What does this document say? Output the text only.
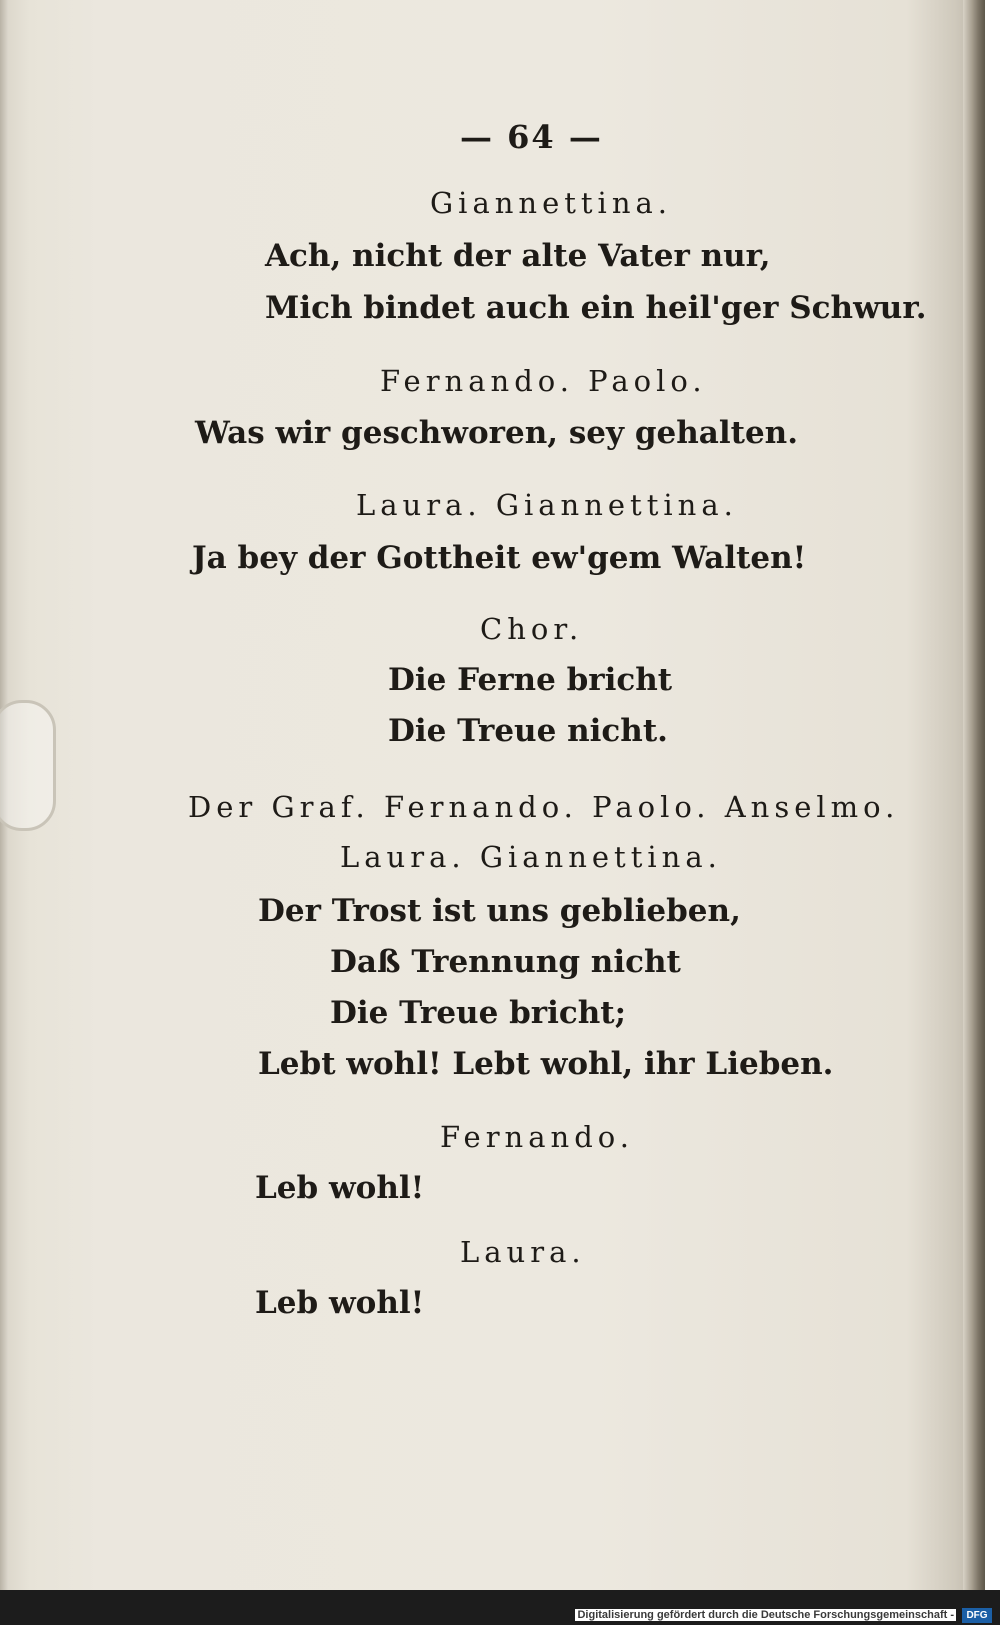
— 64 —
Giannettina.
Ach, nicht der alte Vater nur,
Mich bindet auch ein heil'ger Schwur.
Fernando. Paolo.
Was wir geschworen, sey gehalten.
Laura. Giannettina.
Ja bey der Gottheit ew'gem Walten!
Chor.
Die Ferne bricht
Die Treue nicht.
Der Graf. Fernando. Paolo. Anselmo.
Laura. Giannettina.
Der Trost ist uns geblieben,
Daß Trennung nicht
Die Treue bricht;
Lebt wohl! Lebt wohl, ihr Lieben.
Fernando.
Leb wohl!
Laura.
Leb wohl!
Digitalisierung gefördert durch die Deutsche Forschungsgemeinschaft -	DFG
